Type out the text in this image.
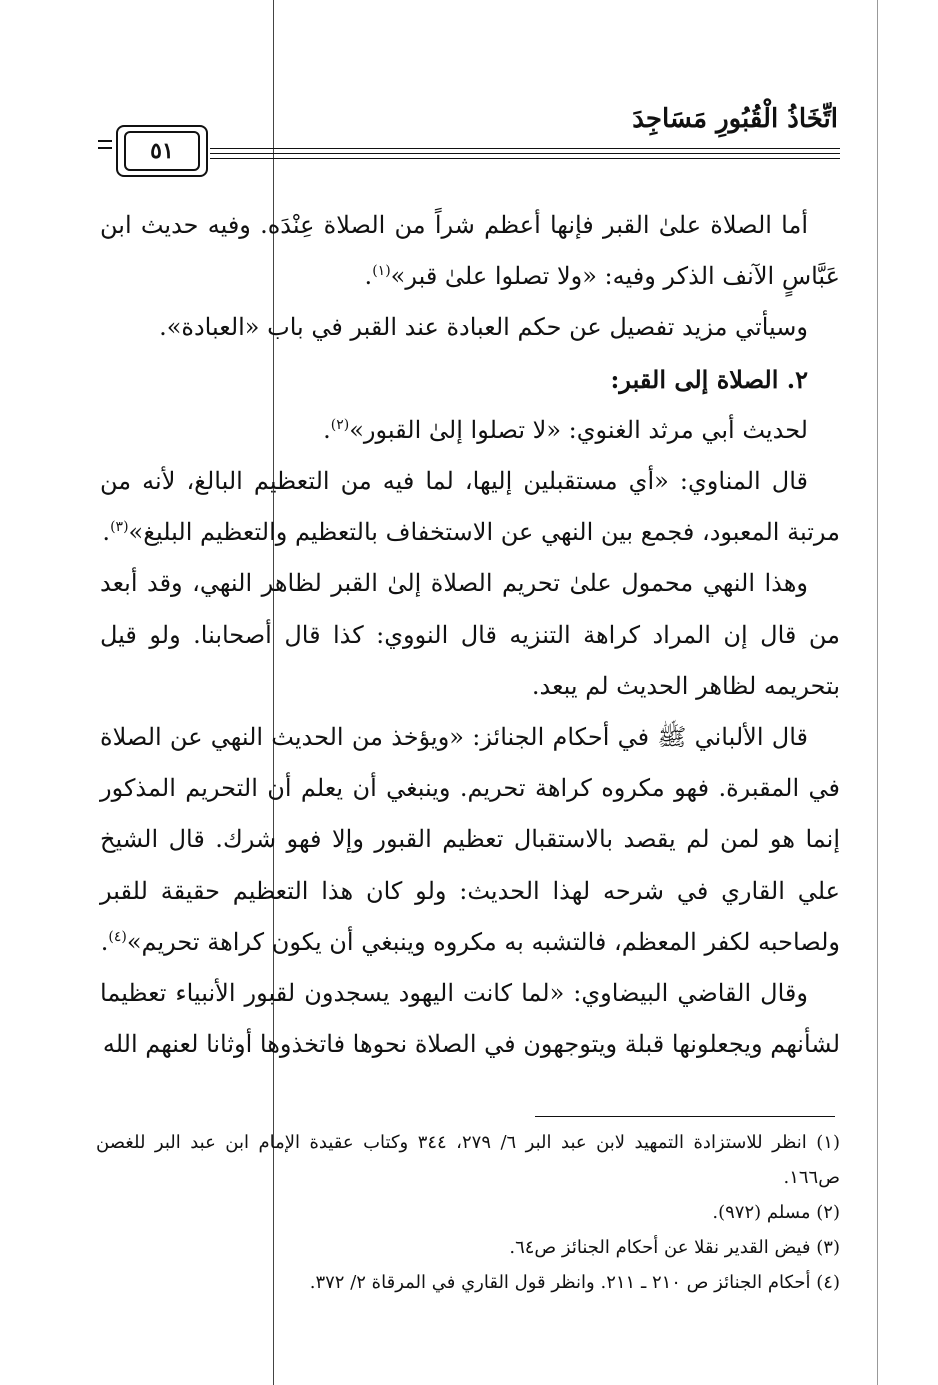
اتِّخَاذُ الْقُبُورِ مَسَاجِدَ
٥١

أما الصلاة علىٰ القبر فإنها أعظم شراً من الصلاة عِنْدَه. وفيه حديث ابن عَبَّاسٍ الآنف الذكر وفيه: «ولا تصلوا علىٰ قبر»$^{(١)}$.

وسيأتي مزيد تفصيل عن حكم العبادة عند القبر في باب «العبادة».

٢. الصلاة إلى القبر:

لحديث أبي مرثد الغنوي: «لا تصلوا إلىٰ القبور»$^{(٢)}$.

قال المناوي: «أي مستقبلين إليها، لما فيه من التعظيم البالغ، لأنه من مرتبة المعبود، فجمع بين النهي عن الاستخفاف بالتعظيم والتعظيم البليغ»$^{(٣)}$.

وهذا النهي محمول علىٰ تحريم الصلاة إلىٰ القبر لظاهر النهي، وقد أبعد من قال إن المراد كراهة التنزيه قال النووي: كذا قال أصحابنا. ولو قيل بتحريمه لظاهر الحديث لم يبعد.

قال الألباني ﷺ في أحكام الجنائز: «ويؤخذ من الحديث النهي عن الصلاة في المقبرة. فهو مكروه كراهة تحريم. وينبغي أن يعلم أن التحريم المذكور إنما هو لمن لم يقصد بالاستقبال تعظيم القبور وإلا فهو شرك. قال الشيخ علي القاري في شرحه لهذا الحديث: ولو كان هذا التعظيم حقيقة للقبر ولصاحبه لكفر المعظم، فالتشبه به مكروه وينبغي أن يكون كراهة تحريم»$^{(٤)}$.

وقال القاضي البيضاوي: «لما كانت اليهود يسجدون لقبور الأنبياء تعظيما لشأنهم ويجعلونها قبلة ويتوجهون في الصلاة نحوها فاتخذوها أوثانا لعنهم الله

(١) انظر للاستزادة التمهيد لابن عبد البر ٦/ ٢٧٩، ٣٤٤ وكتاب عقيدة الإمام ابن عبد البر للغصن ص١٦٦.

(٢) مسلم (٩٧٢).

(٣) فيض القدير نقلا عن أحكام الجنائز ص٦٤.

(٤) أحكام الجنائز ص ٢١٠ ـ ٢١١. وانظر قول القاري في المرقاة ٢/ ٣٧٢.
